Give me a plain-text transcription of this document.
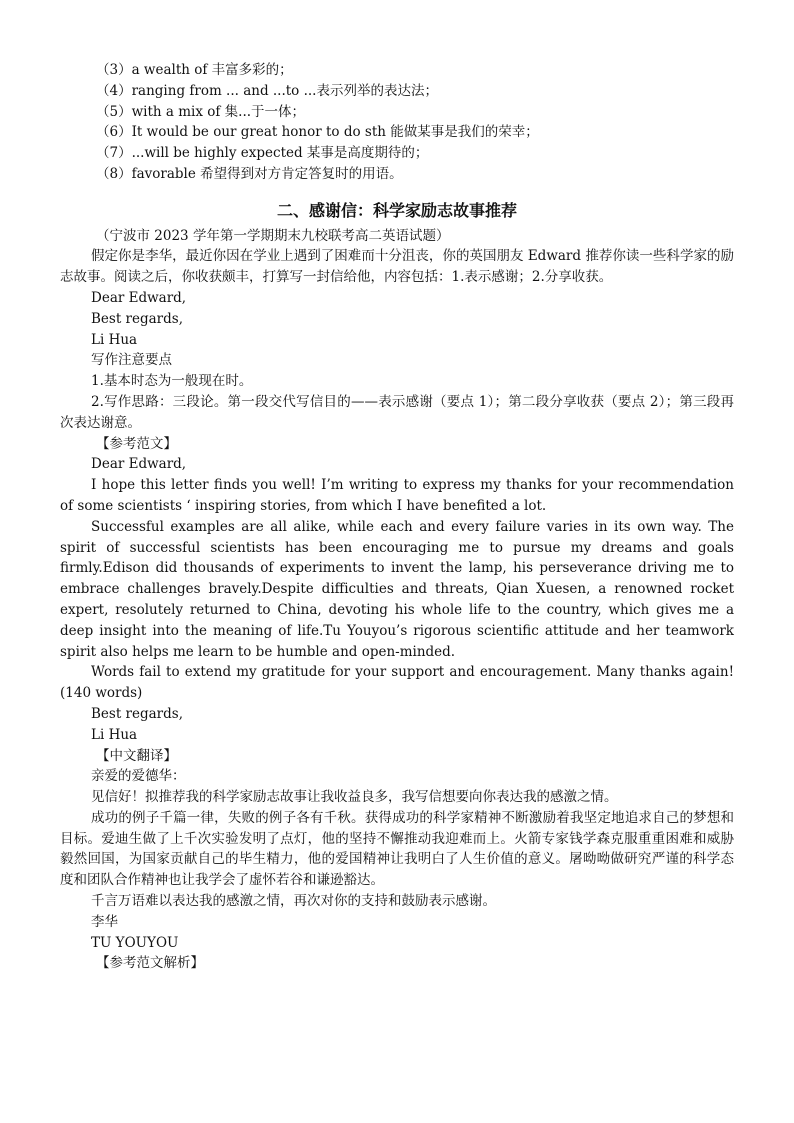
（3）a wealth of 丰富多彩的；

（4）ranging from ... and ...to ...表示列举的表达法；

（5）with a mix of 集...于一体；

（6）It would be our great honor to do sth 能做某事是我们的荣幸；

（7）...will be highly expected 某事是高度期待的；

（8）favorable 希望得到对方肯定答复时的用语。

二、感谢信：科学家励志故事推荐

（宁波市 2023 学年第一学期期末九校联考高二英语试题）

假定你是李华，最近你因在学业上遇到了困难而十分沮丧，你的英国朋友 Edward 推荐你读一些科学家的励志故事。阅读之后，你收获颇丰，打算写一封信给他，内容包括：1.表示感谢；2.分享收获。

Dear Edward,

Best regards,

Li Hua

写作注意要点

1.基本时态为一般现在时。

2.写作思路：三段论。第一段交代写信目的——表示感谢（要点 1）；第二段分享收获（要点 2）；第三段再次表达谢意。

【参考范文】

Dear Edward,

I hope this letter finds you well! I’m writing to express my thanks for your recommendation of some scientists ‘ inspiring stories, from which I have benefited a lot.

Successful examples are all alike, while each and every failure varies in its own way. The spirit of successful scientists has been encouraging me to pursue my dreams and goals firmly.Edison did thousands of experiments to invent the lamp, his perseverance driving me to embrace challenges bravely.Despite difficulties and threats, Qian Xuesen, a renowned rocket expert, resolutely returned to China, devoting his whole life to the country, which gives me a deep insight into the meaning of life.Tu Youyou’s rigorous scientific attitude and her teamwork spirit also helps me learn to be humble and open-minded.

Words fail to extend my gratitude for your support and encouragement. Many thanks again! (140 words)

Best regards,

Li Hua

【中文翻译】

亲爱的爱德华：

见信好！拟推荐我的科学家励志故事让我收益良多，我写信想要向你表达我的感激之情。

成功的例子千篇一律，失败的例子各有千秋。获得成功的科学家精神不断激励着我坚定地追求自己的梦想和目标。爱迪生做了上千次实验发明了点灯，他的坚持不懈推动我迎难而上。火箭专家钱学森克服重重困难和威胁毅然回国，为国家贡献自己的毕生精力，他的爱国精神让我明白了人生价值的意义。屠呦呦做研究严谨的科学态度和团队合作精神也让我学会了虚怀若谷和谦逊豁达。

千言万语难以表达我的感激之情，再次对你的支持和鼓励表示感谢。

李华

TU YOUYOU

【参考范文解析】
